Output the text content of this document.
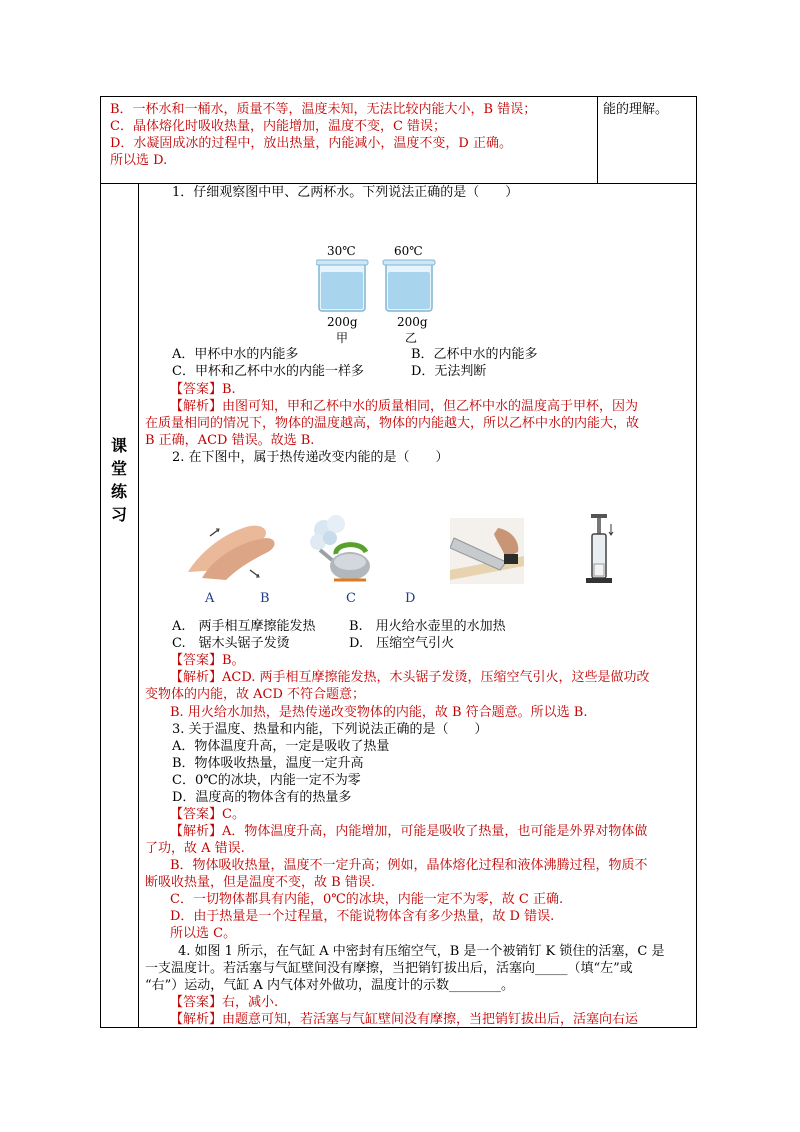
B．一杯水和一桶水，质量不等，温度未知，无法比较内能大小，B 错误；
C．晶体熔化时吸收热量，内能增加，温度不变，C 错误；
D．水凝固成冰的过程中，放出热量，内能减小，温度不变，D 正确。
所以选 D.
能的理解。
课
堂
练
习
1．仔细观察图中甲、乙两杯水。下列说法正确的是（　　）
30℃	60℃
200g	200g
甲	乙
A．甲杯中水的内能多	B．乙杯中水的内能多
C．甲杯和乙杯中水的内能一样多	D．无法判断
【答案】B.
【解析】由图可知，甲和乙杯中水的质量相同，但乙杯中水的温度高于甲杯，因为
在质量相同的情况下，物体的温度越高，物体的内能越大，所以乙杯中水的内能大，故
B 正确，ACD 错误。故选 B.
2. 在下图中，属于热传递改变内能的是（　　）
A	B	C	D
A.　两手相互摩擦能发热	B.　用火给水壶里的水加热
C.　锯木头锯子发烫	D.　压缩空气引火
【答案】B。
【解析】ACD. 两手相互摩擦能发热，木头锯子发烫，压缩空气引火，这些是做功改
变物体的内能，故 ACD 不符合题意；
B. 用火给水加热，是热传递改变物体的内能，故 B 符合题意。所以选 B.
3. 关于温度、热量和内能，下列说法正确的是（　　）
A．物体温度升高，一定是吸收了热量
B．物体吸收热量，温度一定升高
C．0℃的冰块，内能一定不为零
D．温度高的物体含有的热量多
【答案】C。
【解析】A．物体温度升高，内能增加，可能是吸收了热量，也可能是外界对物体做
了功，故 A 错误.
B．物体吸收热量，温度不一定升高；例如，晶体熔化过程和液体沸腾过程，物质不
断吸收热量，但是温度不变，故 B 错误.
C．一切物体都具有内能，0℃的冰块，内能一定不为零，故 C 正确.
D．由于热量是一个过程量，不能说物体含有多少热量，故 D 错误.
所以选 C。
4. 如图 1 所示，在气缸 A 中密封有压缩空气，B 是一个被销钉 K 锁住的活塞，C 是
一支温度计。若活塞与气缸壁间没有摩擦，当把销钉拔出后，活塞向_____（填“左”或
“右”）运动，气缸 A 内气体对外做功，温度计的示数________。
【答案】右，减小.
【解析】由题意可知，若活塞与气缸壁间没有摩擦，当把销钉拔出后，活塞向右运
